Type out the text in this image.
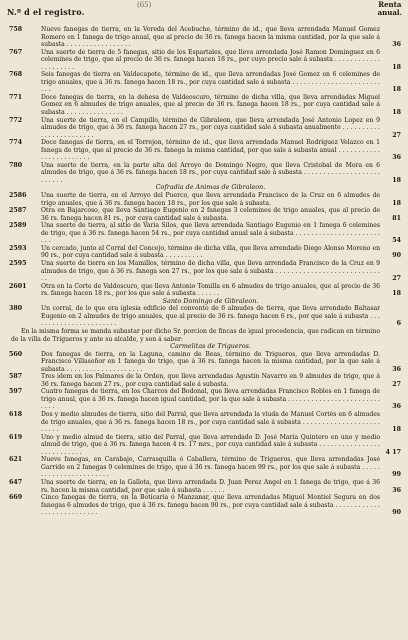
N.º d el registro.
(65)	Renta
anual.

758	Nueve fanegas de tierra, en la Vereda del Acebuche, término de id., que lleva arrendada Manuel Gomez Romero en 1 fanega de trigo anual, que al precio de 36 rs. fanega hacen la misma cantidad, por la que sale á subasta . . . . . . . . . . . . . . . . .	36

767	Una suerte de tierra de 5 fanegas, sitio de los Espartales, que lleva arrendada José Ramon Dominguez en 6 celemines de trigo, que al precio de 36 rs. fanega hacen 18 rs., por cuyo precio sale á subasta . . . . . . . . . . . . . . . . . . . . .	18

768	Seis fanegas de tierra en Valdecapote, término de id., que lleva arrendadas José Gomez en 6 celemines de trigo anuales, que á 36 rs. fanega hacen 18 rs., por cuya cantidad sale á subasta . . . . . . . . . . . . . . . . . . . . . . . . . .	18

771	Doce fanegas de tierra, en la dehesa de Valdeoscuro, término de dicha villa, que lleva arrendadas Miguel Gomez en 6 almudes de trigo anuales, que al precio de 36 rs. fanega hacen 18 rs., por cuya cantidad sale á subasta . . . . . . . . . . . . . . .	18

772	Una suerte de tierra, en el Campillo, término de Gibraleon, que lleva arrendada José Antonio Lopez en 9 almudes de trigo, que á 36 rs. fanega hacen 27 rs., por cuya cantidad sale á subasta anualmente . . . . . . . . . . . . . . . . . . . . . . . .	27

774	Doce fanegas de tierra, en el Torrejon, término de id., que lleva arrendada Manuel Rodriguez Velazco en 1 fanega de trigo, que al precio de 36 rs. fanega la misma cantidad, por que sale á subasta anual . . . . . . . . . . . . . . . . . . . . . . . .	36

780	Una suerte de tierra, en la parte alta del Arroyo de Domingo Negro, que lleva Cristobal de Mora en 6 almudes de trigo, que á 36 rs. fanega hacen 18 rs., por cuya cantidad sale á subasta . . . . . . . . . . . . . . . . . . . . . . . . . .	18

Cofradía de Animas de Gibraleon.

2586 Una suerte de tierra, en el Arroyo del Puerco, que lleva arrendada Francisco de la Cruz en 6 almudes de trigo anuales, que á 36 rs. fanega hacen 18 rs., por los que sale á subasta.	18

2587 Otra en Bajarcoso, que lleva Santiago Eugenio en 2 fanegas 3 celemines de trigo anuales, que al precio de 36 rs. fanega hacen 81 rs., por cuya cantidad sale á subasta.	81

2589 Una suerte de tierra, al sitio de Varia Silos, que lleva arrendada Santiago Eugenio en 1 fanega 6 celemines de trigo, que á 36 rs. fanega hacen 54 rs., por cuya cantidad anual sale á subasta . . . . . . . . . . . . . . . . . . . . . . . . .	54

2593 Un cercado, junto al Corral del Concejo, término de dicha villa, que lleva arrendado Diego Alonso Moreno en 90 rs., por cuya cantidad sale á subasta . . . . . . . . . .	90

2595 Una suerte de tierra en los Mamillos, término de dicha villa, que lleva arrendada Francisco de la Cruz en 9 almudes de trigo, que á 36 rs. fanega son 27 rs., por los que sale á subasta . . . . . . . . . . . . . . . . . . . . . . . . . . . . .	27

2601 Otra en la Corte de Valdoscuro, que lleva Antonio Tomilla en 6 almudes de trigo anuales, que al precio de 36 rs. fanega hacen 18 rs., por los que sale á subasta . . . . . .	18

Santo Domingo de Gibraleon.

380	Un corral, de lo que era iglesia edificio del convento de 6 almudes de tierra, que lleva arrendado Baltasar Eugenio en 2 almudes de trigo anuales, que al precio de 36 rs. fanega hacen 6 rs., por que sale á subasta . . . . . . . . . . . . . . . . . . . . . . .	6

En la misma forma se manda subastar por dicho Sr. porcion de fincas de igual procedencia, que radican en término de la villa de Trigueros y ante su alcalde, y son á saber:

Carmelitas de Trigueros.

560	Dos fanegas de tierra, en la Laguna, camino de Beas, término de Trigueros, que lleva arrendadas D. Francisco Villaseñor en 1 fanega de trigo, que á 36 rs. fanega hacen la misma cantidad, por la que sale á subasta . . . . . . . . . . . . . . . . . . . .	36

587	Tres idem en los Palmares de la Orden, que lleva arrendadas Agustin Navarro en 9 almudes de trigo, que á 36 rs. fanega hacen 27 rs., por cuya cantidad sale á subasta.	27

597	Cuatro fanegas de tierra, en los Charcos del Bodonal, que lleva arrendadas Francisco Robles en 1 fanega de trigo anual, que á 36 rs. fanega hacen igual cantidad, por la que sale á subasta . . . . . . . . . . . . . . . . . . . . . . . . . . . .	36

618	Dos y medio almudes de tierra, sitio del Parral, que lleva arrendada la viuda de Manuel Cortés en 6 almudes de trigo anuales, que á 36 rs. fanega hacen 18 rs., por cuya cantidad sale á subasta . . . . . . . . . . . . . . . . . . . . . . . . .	18

619	Uno y medio almud de tierra, sitio del Parral, que lleva arrendado D. José María Quintero en uno y medio almud de trigo, que á 36 rs. fanega hacen 4 rs. 17 mrs., por cuya cantidad sale á subasta . . . . . . . . . . . . . . . . . . . . . . . . . . .	4 17

621	Nueve fanegas, en Carabajo, Carrasquilla ó Caballera, término de Trigueros, que lleva arrendadas José Garrido en 2 fanegas 9 celemines de trigo, que á 36 rs. fanega hacen 99 rs., por los que sale á subasta . . . . . . . . . . . . . . . . . . . . . . .	99

647	Una suerte de tierra, en la Gallota, que lleva arrendada D. Juan Perez Angel en 1 fanega de trigo, que á 36 rs. hacen la misma cantidad, por que sale á subasta . . . . . .	36

669	Cinco fanegas de tierra, en la Boticaria ó Manzanar, que lleva arrendadas Miguel Montiel Segura en dos fanegas 6 almudes de trigo, que á 36 rs. fanega hacen 90 rs., por cuya cantidad sale á subasta . . . . . . . . . . . . . . . . . . . . . . . . . . .	90
